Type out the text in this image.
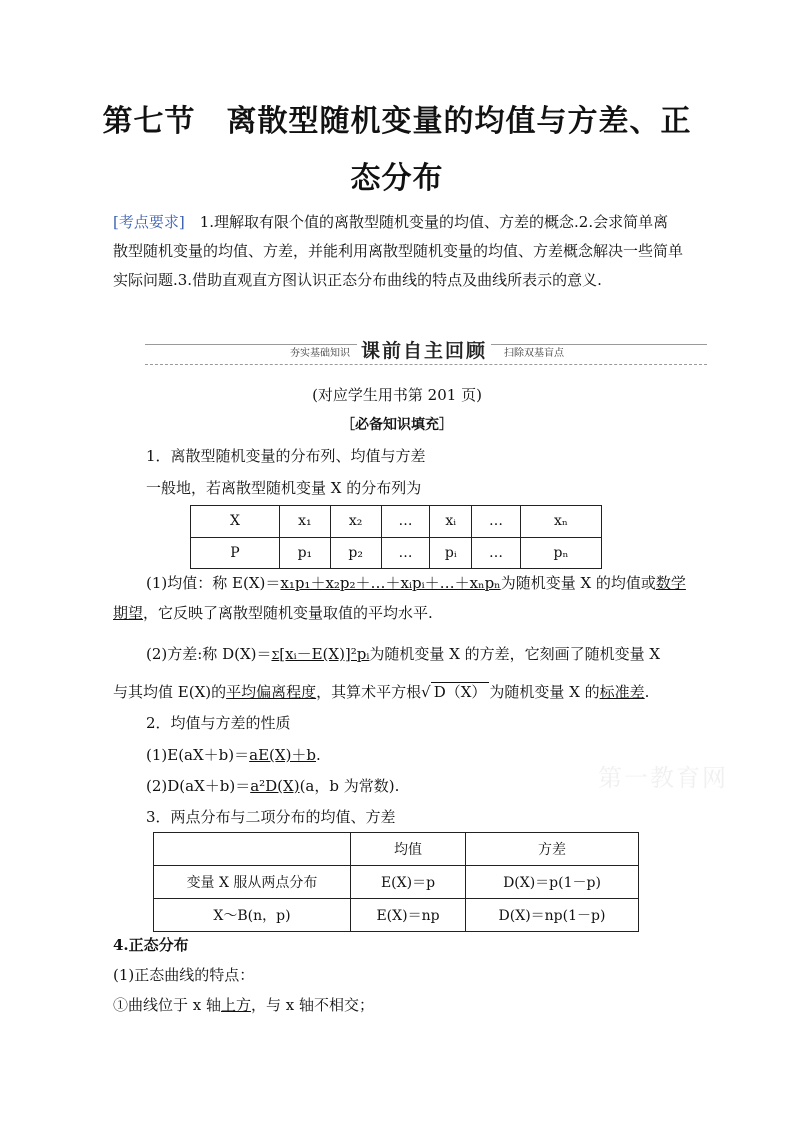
第七节　离散型随机变量的均值与方差、正
态分布
[考点要求]　1.理解取有限个值的离散型随机变量的均值、方差的概念.2.会求简单离散型随机变量的均值、方差，并能利用离散型随机变量的均值、方差概念解决一些简单实际问题.3.借助直观直方图认识正态分布曲线的特点及曲线所表示的意义.
夯实基础知识 课前自主回顾	扫除双基盲点
(对应学生用书第 201 页)
［必备知识填充］
1．离散型随机变量的分布列、均值与方差
一般地，若离散型随机变量 X 的分布列为
X	x₁	x₂	…	xᵢ	…	xₙ
P	p₁	p₂	…	pᵢ	…	pₙ
(1)均值：称 E(X)＝x₁p₁＋x₂p₂＋…＋xᵢpᵢ＋…＋xₙpₙ为随机变量 X 的均值或数学
期望，它反映了离散型随机变量取值的平均水平.
(2)方差:称 D(X)＝Σ[xᵢ－E(X)]²pᵢ为随机变量 X 的方差，它刻画了随机变量 X
与其均值 E(X)的平均偏离程度，其算术平方根√ D（X） 为随机变量 X 的标准差.
2．均值与方差的性质
(1)E(aX＋b)＝aE(X)＋b.
(2)D(aX＋b)＝a²D(X)(a，b 为常数).	第一教育网
3．两点分布与二项分布的均值、方差
	均值	方差
变量 X 服从两点分布	E(X)＝p	D(X)＝p(1－p)
X～B(n，p)	E(X)＝np	D(X)＝np(1－p)
4.正态分布
(1)正态曲线的特点：
①曲线位于 x 轴上方，与 x 轴不相交；
